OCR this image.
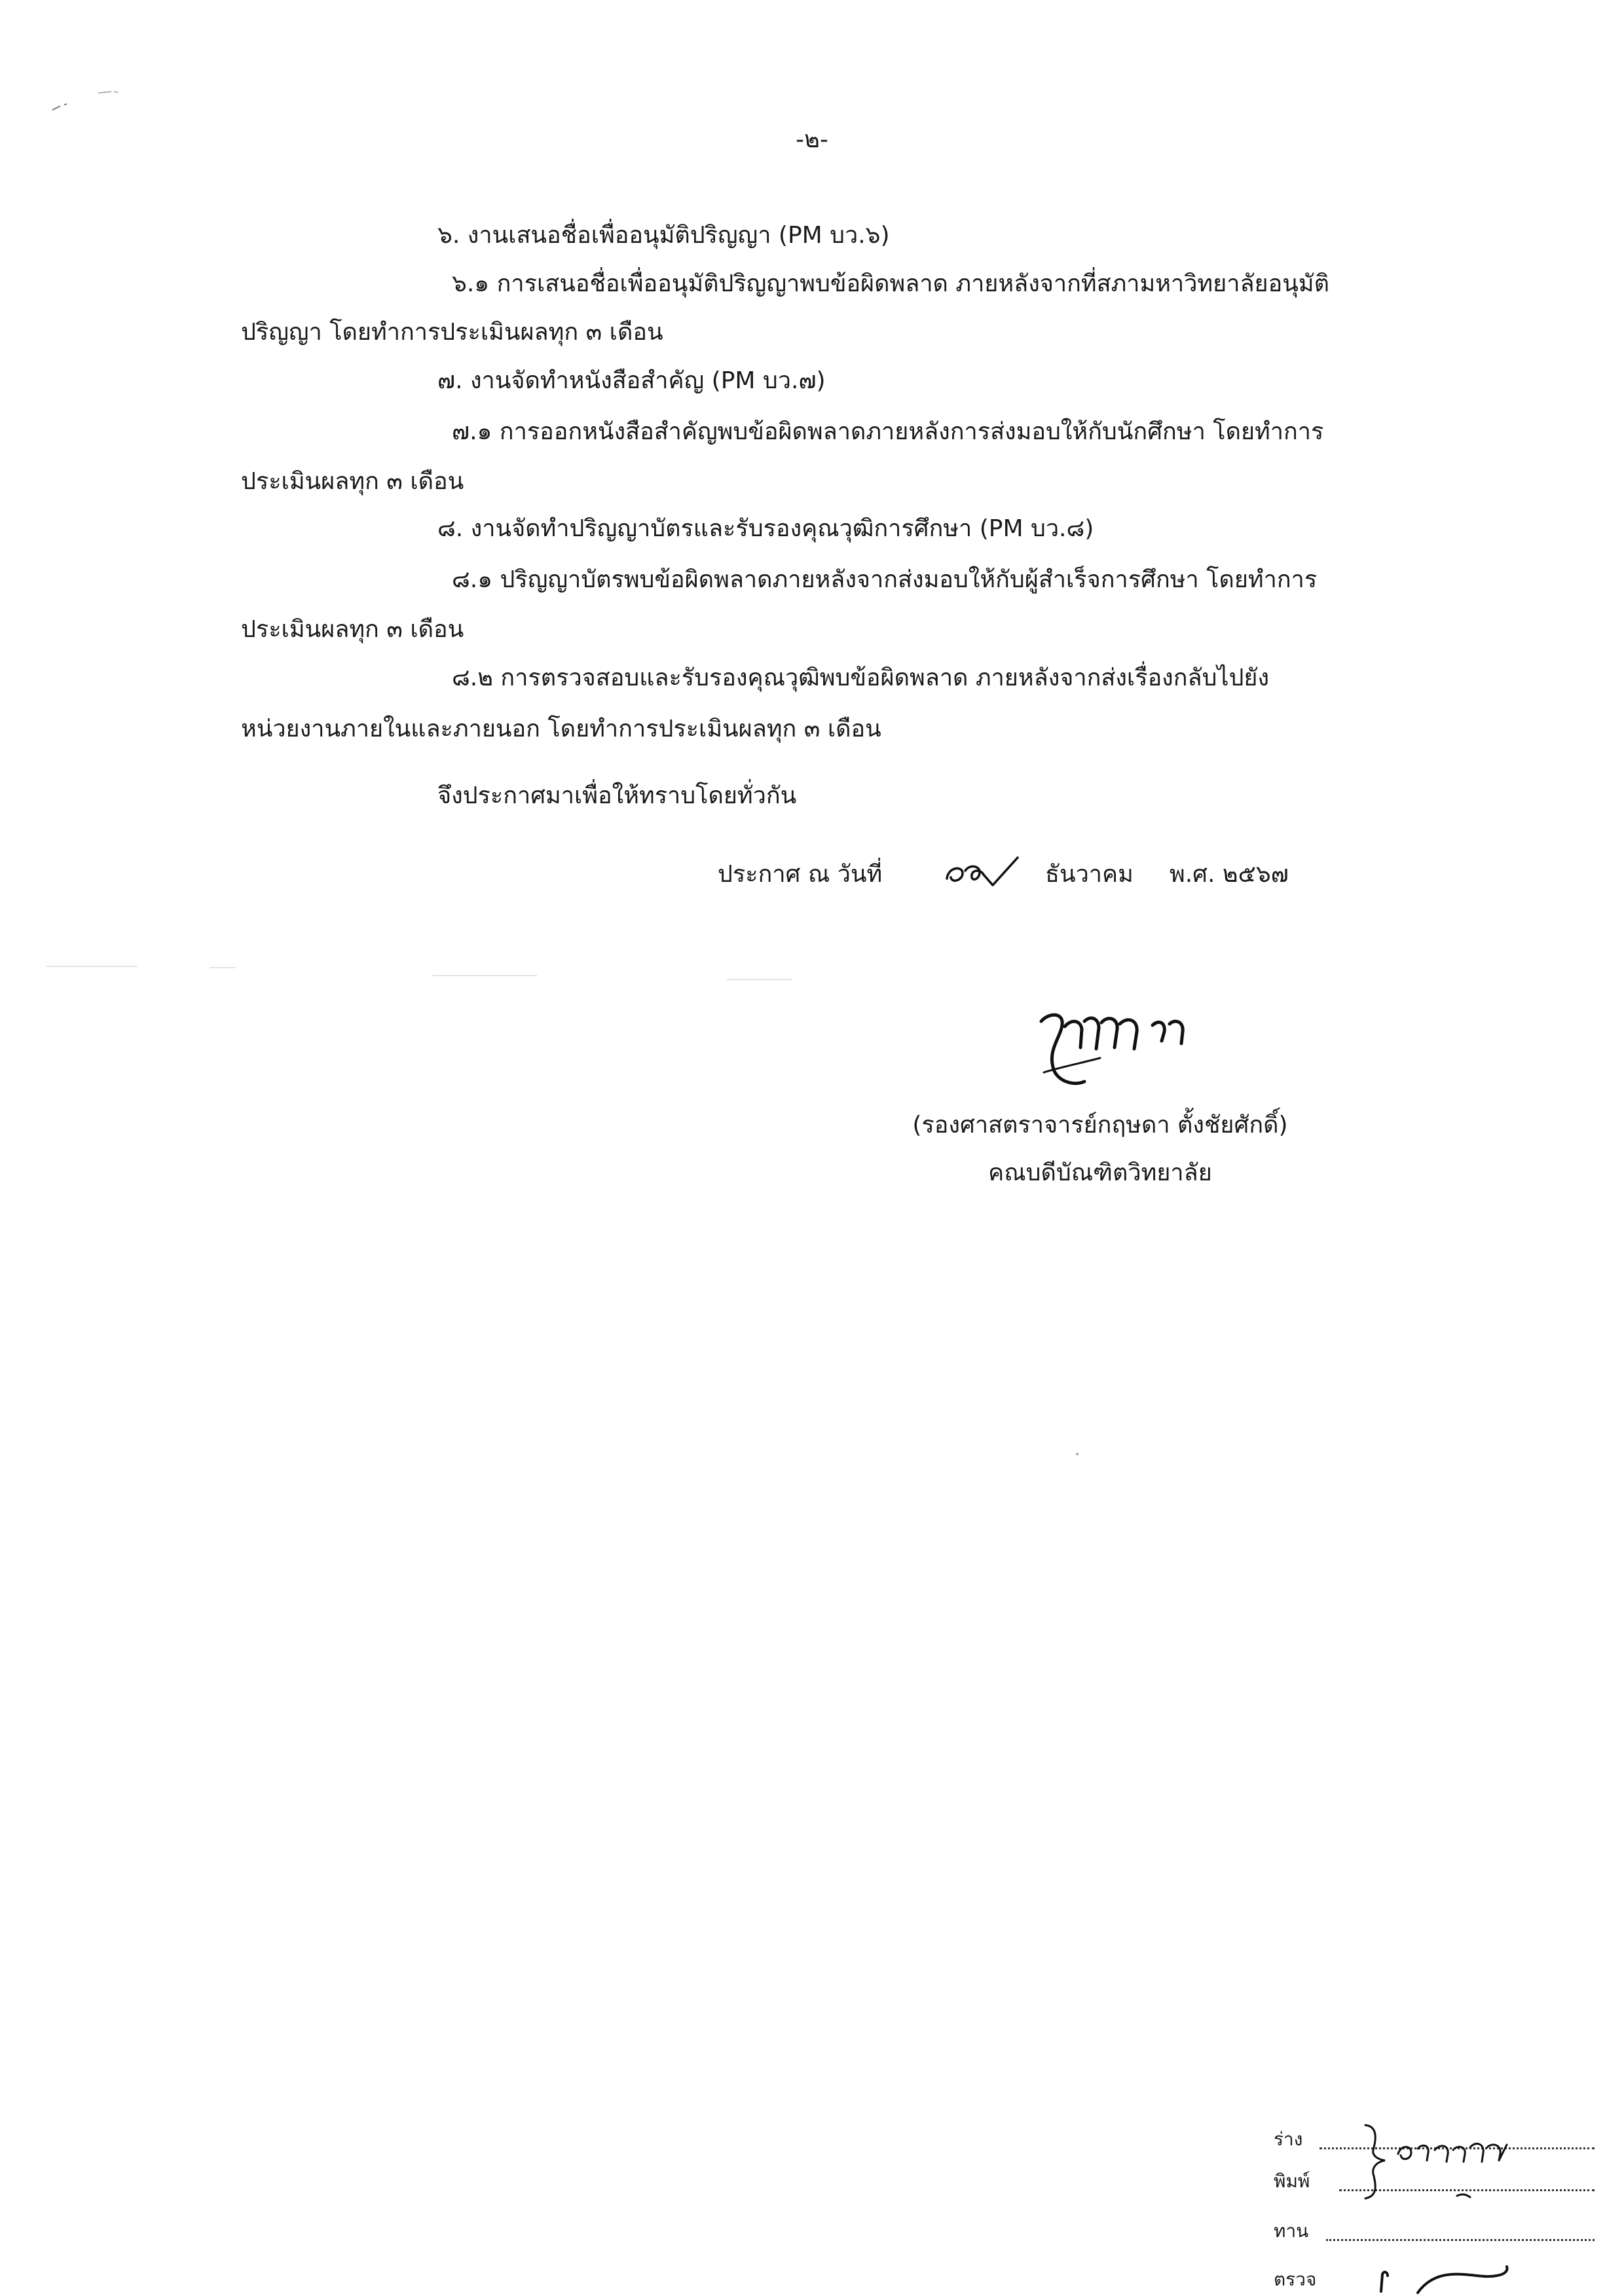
-๒-
๖. งานเสนอชื่อเพื่ออนุมัติปริญญา (PM บว.๖)
๖.๑ การเสนอชื่อเพื่ออนุมัติปริญญาพบข้อผิดพลาด ภายหลังจากที่สภามหาวิทยาลัยอนุมัติ
ปริญญา โดยทำการประเมินผลทุก ๓ เดือน
๗. งานจัดทำหนังสือสำคัญ (PM บว.๗)
๗.๑ การออกหนังสือสำคัญพบข้อผิดพลาดภายหลังการส่งมอบให้กับนักศึกษา โดยทำการ
ประเมินผลทุก ๓ เดือน
๘. งานจัดทำปริญญาบัตรและรับรองคุณวุฒิการศึกษา (PM บว.๘)
๘.๑ ปริญญาบัตรพบข้อผิดพลาดภายหลังจากส่งมอบให้กับผู้สำเร็จการศึกษา โดยทำการ
ประเมินผลทุก ๓ เดือน
๘.๒ การตรวจสอบและรับรองคุณวุฒิพบข้อผิดพลาด ภายหลังจากส่งเรื่องกลับไปยัง
หน่วยงานภายในและภายนอก โดยทำการประเมินผลทุก ๓ เดือน
จึงประกาศมาเพื่อให้ทราบโดยทั่วกัน
ประกาศ ณ วันที่	ธันวาคม พ.ศ. ๒๕๖๗
(รองศาสตราจารย์กฤษดา ตั้งชัยศักดิ์)
คณบดีบัณฑิตวิทยาลัย
ร่าง
พิมพ์
ทาน
ตรวจ
